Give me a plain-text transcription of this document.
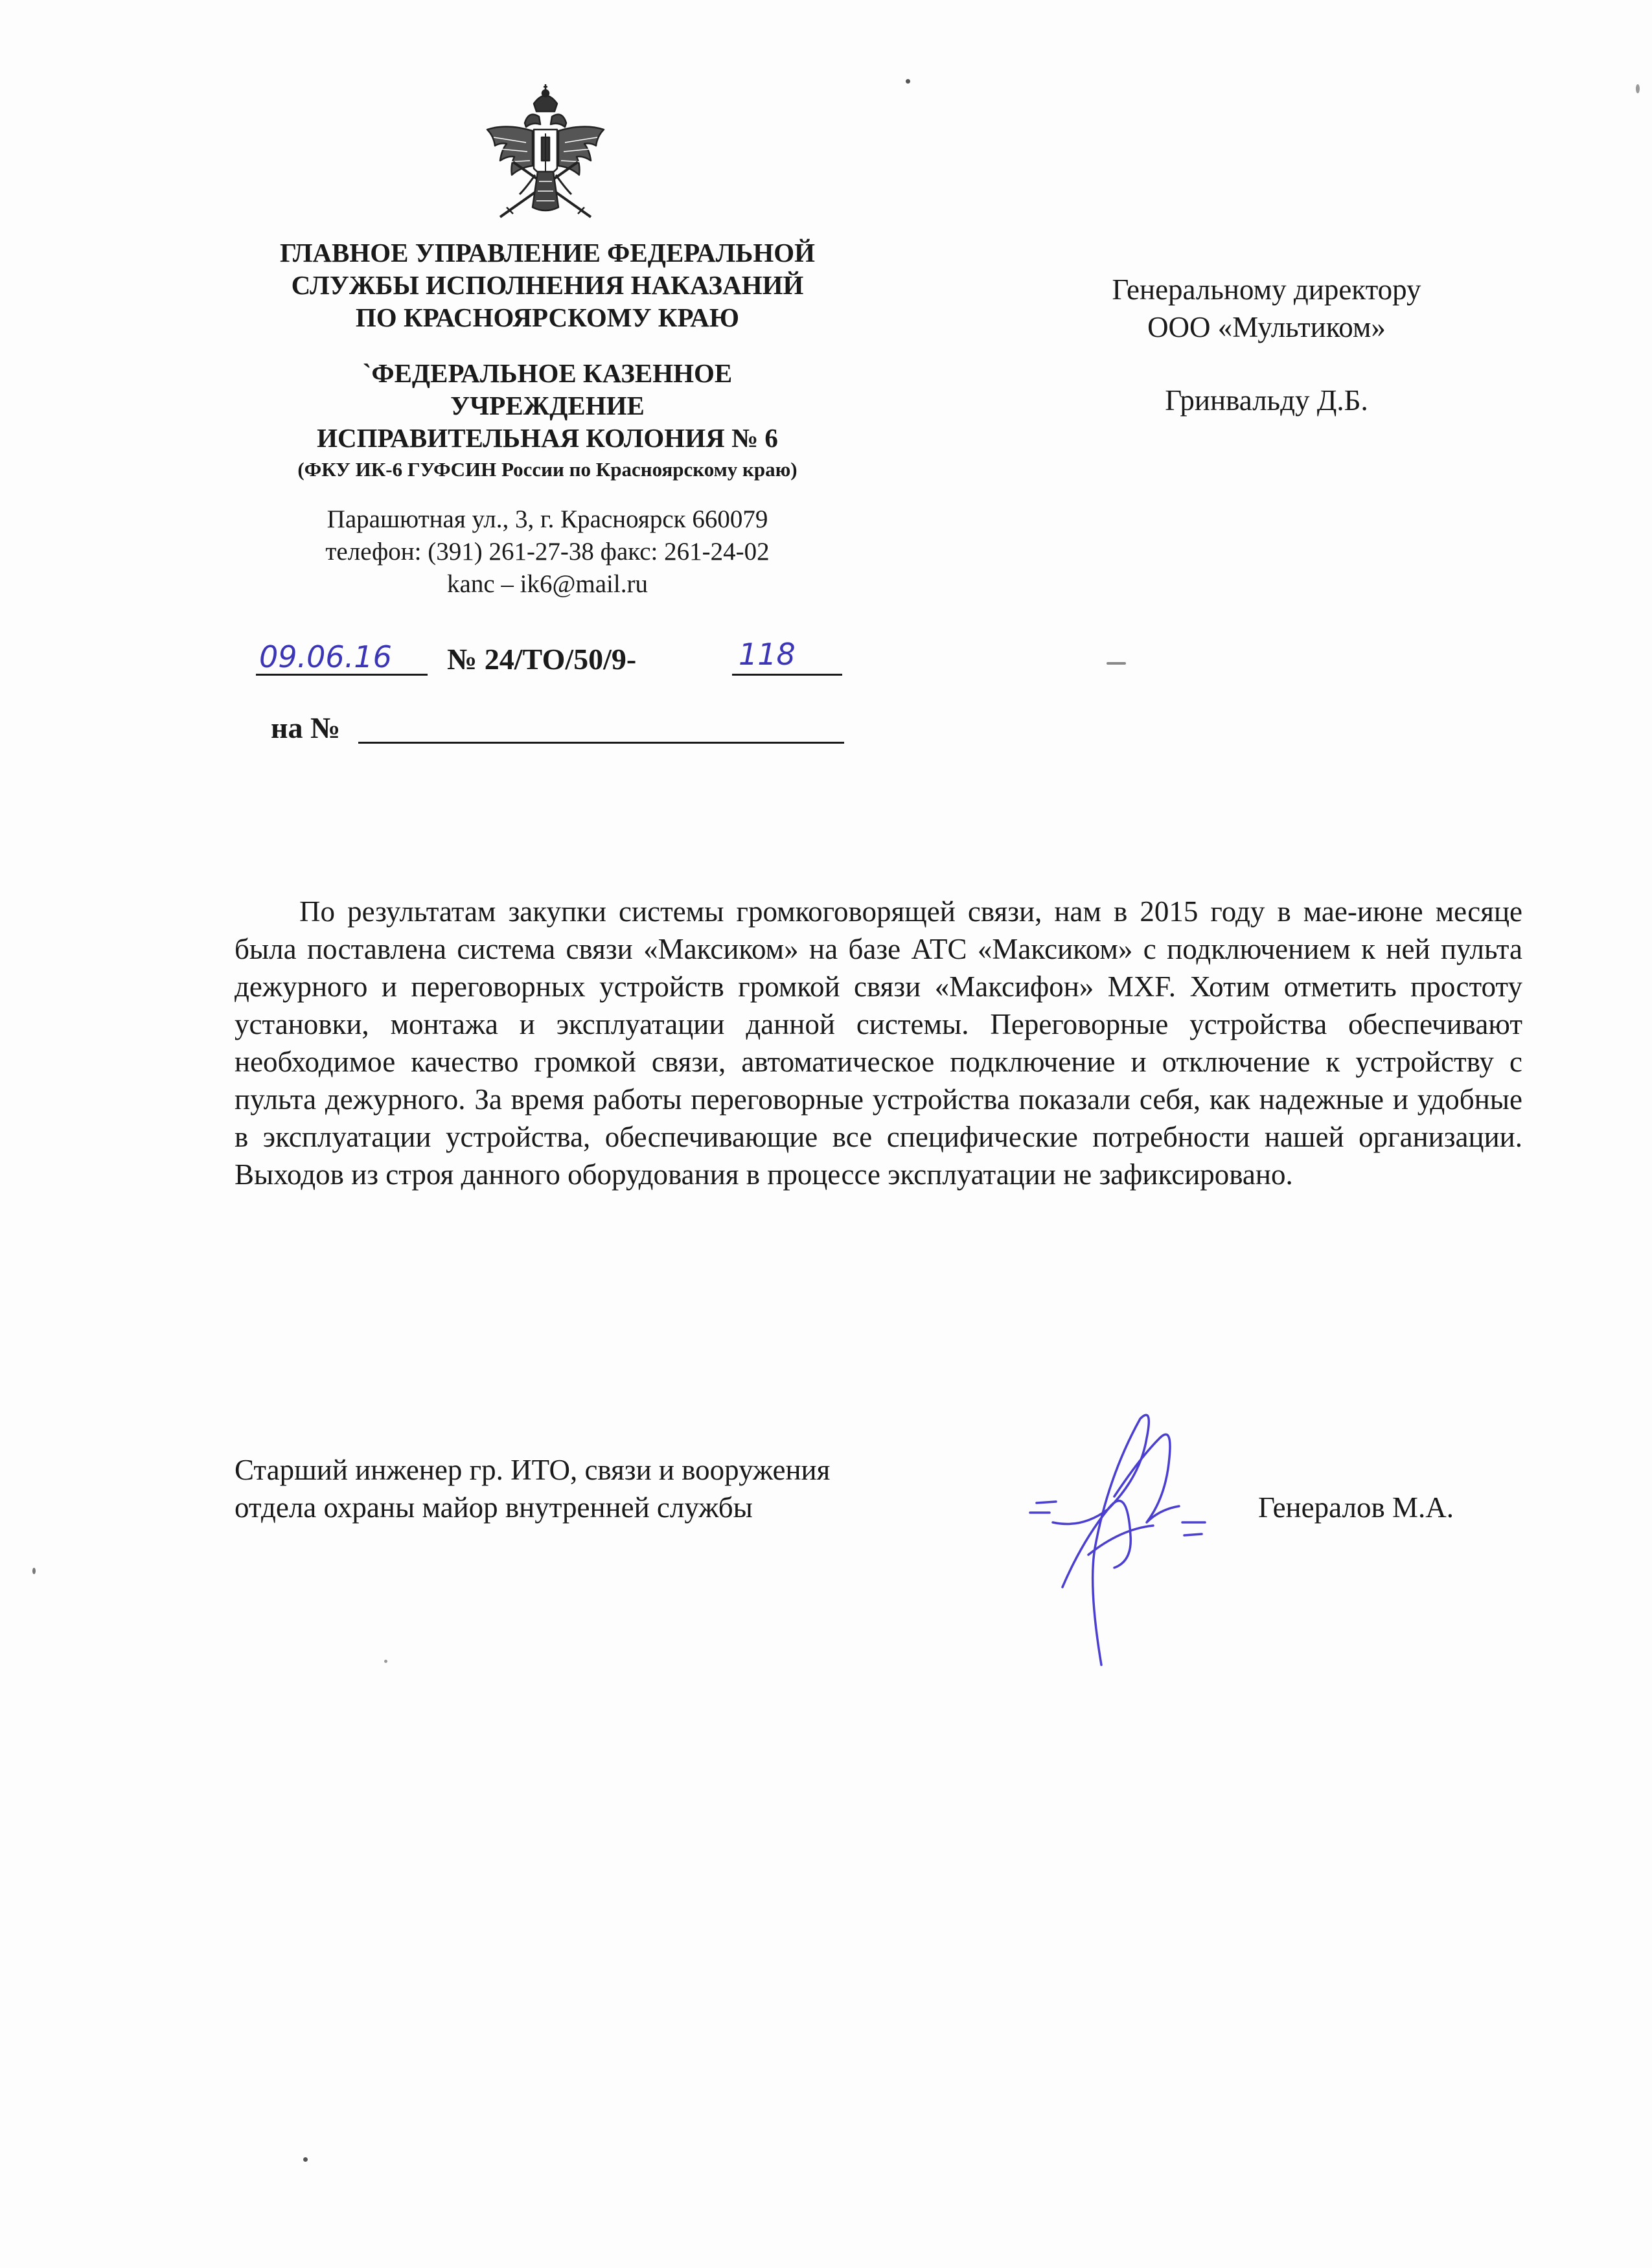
ГЛАВНОЕ УПРАВЛЕНИЕ ФЕДЕРАЛЬНОЙ
СЛУЖБЫ ИСПОЛНЕНИЯ НАКАЗАНИЙ
ПО КРАСНОЯРСКОМУ КРАЮ
`ФЕДЕРАЛЬНОЕ КАЗЕННОЕ
УЧРЕЖДЕНИЕ
ИСПРАВИТЕЛЬНАЯ КОЛОНИЯ № 6
(ФКУ ИК-6 ГУФСИН России по Красноярскому краю)
Парашютная ул., 3, г. Красноярск 660079
телефон: (391) 261-27-38 факс: 261-24-02
kanc – ik6@mail.ru
09.06.16 № 24/ТО/50/9-	118
на №

Генеральному директору

ООО «Мультиком»

Гринвальду Д.Б.

По результатам закупки системы громкоговорящей связи, нам в 2015 году в мае-июне месяце была поставлена система связи «Максиком» на базе АТС «Максиком» с подключением к ней пульта дежурного и переговорных устройств громкой связи «Максифон» MXF. Хотим отметить простоту установки, монтажа и эксплуатации данной системы. Переговорные устройства обеспечивают необходимое качество громкой связи, автоматическое подключение и отключение к устройству с пульта дежурного. За время работы переговорные устройства показали себя, как надежные и удобные в эксплуатации устройства, обеспечивающие все специфические потребности нашей организации. Выходов из строя данного оборудования в процессе эксплуатации не зафиксировано.

Старший инженер гр. ИТО, связи и вооружения

отдела охраны майор внутренней службы	Генералов М.А.
